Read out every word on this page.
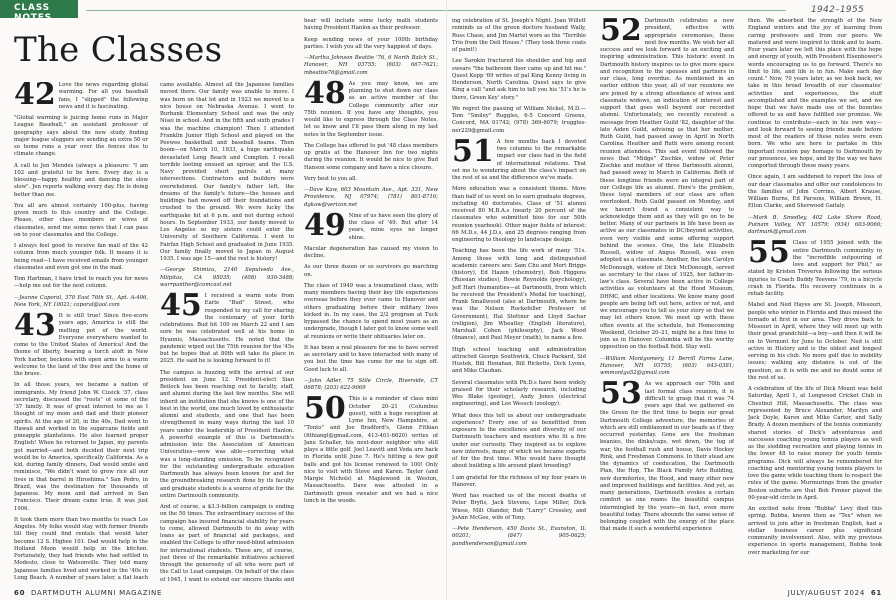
CLASS NOTES
1942–1955
The Classes

42 Love the news regarding global warming. For all you baseball fans, I "slipped" the following news and it is fascinating.

"Global warming is juicing home runs in Major League Baseball," an assistant professor of geography says about the new study finding major league sluggers are sending an extra 50 or so home runs a year over the fences due to climate change.

A call to Jen Mendes (always a pleasure: "I am 102 and grateful to be here. Every day is a blessing—happy healthy and dancing the slow slow". Jen reports walking every day. He is doing better than me.

You all are almost certainly 100-plus, having given much to this country and the College. Please, other class members or wives of classmates, send me some news that I can pass on to your classmates and the College.

I always feel good to receive fan mail of the 42 column from much younger folk. It means it is being read—I have received emails from younger classmates and even got one in the mail.

Tom Hartman, I have tried to reach you for news—help me out for the next column.

—Jeanne Caporal, 370 East 76th St., Apt. A-406, New York, NY 10021; caporal@aol.com

43 It is still true! Since five-score years ago, America is still the melting pot of the world. Everyone everywhere wanted to come to the United States of America! And the theme of liberty, bearing a torch aloft in New York harbor, beckons with open arms to a warm welcome to the land of the free and the home of the brave.

In all those years, we became a nation of immigrants. My friend John W. Cusick '37, class secretary, discussed the "roots" of some of the '37 family. It was of great interest to me as I thought of my mom and dad and their pioneer spirits. At the age of 20, in the 40s, Dad went to Hawaii and worked in the sugarcane fields and pineapple plantations. He also learned proper English! When he returned to Japan, my parents got married—and both decided their next trip would be to America, specifically California. As a kid, during family dinners, Dad would smile and reminisce, "We didn't want to grow rice all our lives in that barrel in Hiroshima." San Pedro, in Brazil, was the destination for thousands of Japanese. My mom and dad arrived in San Francisco. Their dream came true. It was just 1906.

It took them more than two months to reach Los Angeles. My folks would stay with former friends till they could find rentals that would later become 12 S. Higbee 101. Dad would help in the Holland Moon would help in the kitchen. Fortunately, they had friends who had settled in Modesto, close to Watsonville. They told many Japanese families lived and worked in the '40s in Long Beach. A number of years later, a flat leach

came available. Almost all the Japanese families moved there. Our family was unable to move. I was born on that lot and in 1923 we moved to a nice house on Nebraska Avenue. I went to Burbank Elementary School and was the only Nisei in school. And in the fifth and sixth grades I was the machine champion! Then I attended Franklin Junior High School and played on the Peewee basketball and baseball teams. Then boom—on March 10, 1933, a huge earthquake devastated Long Beach and Compton. I recall terrible looting ensued an uproar, and the U.S. Navy provided short patrols at many intersections. Contractors and builders were overwhelmed. Our family's father left, the dreams of the family's future—the houses and buildings had mowed off their foundations and crushed to the ground. We were lucky the earthquake hit at 6 p.m. and not during school hours. In September 1933, our family moved to Los Angeles so my sisters could enter the University of Southern California. I went to Fairfax High School and graduated in June 1935. Our family finally moved to Japan in August 1935. I was age 15—and the rest is history!

—George Shimizu, 2140 Sepulveda Ave., Milpitas, CA 95035; (408) 930-3488; warrpanther@comcast.net

45 I received a warm note from Earle "Bud" Street, who responded to my call for sharing the centenary of your birth celebrations. Bud hit 100 on March 22 and I am sure he was celebrated well at his home in Hyannis, Massachusetts. He noted that the pandemic wiped out the 75th reunion for the '45s but he hopes that at 80th will take its place in 2025. He said he is looking forward to it!

The campus is buzzing with the arrival of our president on June 12. President-elect Sian Beilock has been reaching out to faculty, staff, and alumni during the last few months. She will inherit an institution that she knows is one of the best in the world, one much loved by enthusiastic alumni and students, and one that has been strengthened in many ways during the last 10 years under the leadership of President Hanlon. A powerful example of this is Dartmouth's admission into the Association of American Universities—wow was able—correcting what was a long-standing omission. To be recognized for the outstanding undergraduate education Dartmouth has always been known for and for the groundbreaking research done by its faculty and graduate students is a source of pride for the entire Dartmouth community.

And of course, a $3.3-billion campaign is ending on the 50 times. The extraordinary success of the campaign has insured financial stability for years to come, allowed Dartmouth to do away with loans as part of financial aid packages, and enabled the College to offer need-blind admission for international students. These are, of course, just three of the remarkable initiatives achieved through the generosity of all who were part of the Call to Lead campaign. On behalf of the class of 1945, I want to extend our sincere thanks and

hear will include some lucky math students having President Hanlon as their professor.

Keep sending news of your 100th birthday parties. I wish you all the very happiest of days.

—Martha Johnson Beattie '76, 6 North Balch St., Hanover, NH 03755; (603) 667-7621; mbeattie76@gmail.com

48 As you may know, we are planning to shut down our class as an active member of the College community after our 75th reunion. If you have any thoughts, you would like to express through the Class Notes, let us know and I'll pass them along in my last notes in the September issue.

The College has offered to put '48 class members up gratis at the Hanover Inn for two nights during the reunion. It would be nice to give Bud Hanson some company and have a nice closure.

Very best to you all.

—Dave Kaw, 603 Mountain Ave., Apt. 331, New Providence, NJ 07974; (781) 801-8716; dgkaw@verizon.net

49 Nine of us have seen the glory of the class of '49. But after 14 years, mine eyes no longer shine.

Macular degeneration has caused my vision to decline.

As our three dozen or so survivors go marching on.

The class of 1949 was a traumatized class, with many members having their key life experiences overseas before they ever came to Hanover and others graduating before their military lives kicked in. In my case, the 2/2 program at Tuck bypassed the chance to spend most years as an undergrade, though I later got to know some well at reunions or write their obituaries later on.

It has been a real pleasure for me to have served as secretary and to have interacted with many of you but the time has come for me to sign off. Good luck to all.

—John Adler, 75 Stile Circle, Riverside, CT 06878; (203) 622-9069

50 This is a reminder of class mini October 20–21 (Columbus guest), with a huge reception at Lyme Inn, New Hampshire, at "Tonto" and Joe Bradford's, Glenn Fithian (fithiangl@gmail.com, 413-401-6620) writes of Jane Schaller, his next-door neighbor who still plays a little golf. Joel Leavitt and Veda are back in Florida until June 7. He's hitting a few golf balls and got his license renewed to 100! Only nice to visit with Steve and Karen. Taylor (and Margie Nichols) at Maplewood in Weston, Massachusetts. Dave was attested in a Dartmouth green sweater and we had a nice lunch in the woods.

ing celebration of St. Joseph's Night. Joan Willett reminds us of the green doctors husband Wally, Russ Chase, and Jim Martel wore as the "Terrible Trio from the Deli House." (They took three coats of paint!)

Lee Sarokin fractured his shoulder and hip and swears "the bathroom floor came up and hit me." Quest Kopp '69 writes of pal King Kenny living in Henderson, North Carolina. Quest says to give King a call "and ask him to tell you his '51's he is there, Green Key' story."

We regret the passing of William Nickel, M.D.—Tom "Smiley" Ruggles, 6-5 Concord Greens, Concord, MA 01742; (978) 369-6079; truggles-ner229@gmail.com

51 A few months back I devoted two columns to the remarkable impact our class had in the field of international relations. That set me to wondering about the class's impact on the rest of us and the difference we've made.

More education was a consistent theme. More than half of us went on to earn graduate degrees, including 40 doctorates. Class of '51 alumni received 80 M.B.A.s (nearly 20 percent of the classmates who submitted bios for our 50th reunion yearbook). Other major fields of interest: 66 M.D.s, 44 J.D.s, and 25 degrees ranging from engineering to theology to landscape design.

Teaching has been the life work of many '51s. Among those with long and distinguished academic careers are: Sam Chu and Mort Briggs (history), Ed Hazen (chemistry), Bob Higgens (Russian studies), Bowie Reynolds (psychology), Jeff Hart (humanities—at Dartmouth, from which he received the President's Medal for teaching), Frank Smallwood (also at Dartmouth, where he was the Nelson Rockefeller Professor of Government), Hal Stettner and Lloyd Sachar (religion), Jim Wheatley (English literature), Marshall Cohen (philosophy), Jack Wood (finance), and Paul Meyer (math), to name a few.

High school teaching and administration attracted George Southwick, Chuck Packard, Sid Hustek, Bill Henahan, Bill Ricketts, Dick Lyons, and Mike Clauhan.

Several classmates with Ph.D.s have been widely praised for their scholarly research, including Wes Blake (geology), Andy Jones (electrical engineering), and Lee Wessch (zoology).

What does this tell us about our undergraduate experience? Every one of us benefitted from exposure to the excellence and diversity of our Dartmouth teachers and mentors who lit a fire under our curiosity. They inspired us to explore new interests, many of which we became experts of for the first time. Who would have thought about building a life around plant breeding?

I am grateful for the richness of my four years in Hanover.

Word has reached us of the recent deaths of Peter Bryfis, Jack Stevens, Lope Miller, Dick Wiese, Milt Olander, Bob "Larry" Crossley, and JoAnn McGee, wife of Tony.

—Pete Henderson, 450 Davis St., Evanston, IL 60201; (847) 905-0625; pandhenderson@gmail.com

52 Dartmouth celebrates a new president, effective with appropriate ceremonies, these next few months. We wish her all success and we look forward to an exciting and inspiring administration. This historic event in Dartmouth history inspires us to give more space and recognition to the spouses and partners in our class, long overdue. As mentioned in an earlier edition this year, all of our reunions we are joined by a strong attendance of wives and classmate widows, an indication of interest and support that goes well beyond our recorded alumni. Unfortunately, we recently received a message from Heather Guild '82, daughter of the late Aiden Guild, advising us that her mother, Ruth Guild, had passed away in April in North Carolina. Heather and Ruth were among recent reunion attendees. This sad event followed the news that "Midge" Zischke, widow of Peter Zischke and mother of three Dartmouth alumni, had passed away in March in California. Both of these longtime friends were an integral part of our College life as alumni. Here's the problem, these loyal members of our class are often overlooked. Roth Guild passed on Monday, and we haven't found a consistent way to acknowledge them and as they will go on to be better. Many of our partners in life have been as active as our classmates in DC/beyond activities, even very visible and some offering support behind the scenes. One, the late Elizabeth Russell, widow of Angus Russell, was even adopted as a classmate. Another, the late Carolyn McDonough, widow of Dick McDonough, served as secretary to the class of 1925, her father-in-law's class. Several have been active in College activities as volunteers at the Hood Museum, DHMC, and other locations. We know many good people are being left out here, active or not, and we encourage you to tell us your story so that we may let others know. We meet up with these often events at the schedule, but Homecoming Weekend, October 20–21, might be a fine time to join us in Hanover. Columbia will be the worthy opposition on the football field. Stay well.

—William Montgomery, 11 Berrill Farms Lane, Hanover, NH 03755; (603) 643-0381; wmmontgo52@gmail.com

53 As we approach our 70th and last formal class reunion, it is difficult to grasp that it was 74 years ago that we gathered on the Green for the first time to begin our great Dartmouth College adventure, the memories of which are still emblazoned in our heads as if they occurred yesterday. Gone are the freshman beanies, the dinks/caps, wet down, the tug of war, the football rush and house, Davis Hockey Rink, and Freshman Commons. In their stead are the dynamics of coeducation, the Dartmouth Plan, the Hop, The Black Family Arts Building, new dormitories, the Hood, and many other new and improved buildings and facilities. And yet, as many generations, Dartmouth evokes a certain comfort as one roams the beautiful campus intermingled by the years—in fact, even more beautiful today. There abounds the same sense of belonging coupled with the energy of the place that made it such a wonderful experience

then. We absorbed the strength of the New England winters and the joy of learning from caring professors and from our peers. We matured and were inspired to think and to learn. Four years later we left this place with the hope and energy of youth, with President Eisenhower's words encouraging us to go forward. There's no limit to life, and life is in fun. Make each day count." Now, 70 years later, as we look back, we take in this broad breadth of our classmates' activities and experiences, the stuff accomplished and the examples we set, and we hope that we have made use of the bounties offered to us and have fulfilled our promise. We continue to contribute—each in his own way—and look forward to seeing friends made before most of the readers of these notes were even born. We who are here to partake in this important reunion pay homage to Dartmouth by our presences, we hope, and by the way we have comported through these many years.

Once again, I am saddened to report the loss of our dear classmates and offer our condolences to the families of John Corrino, Albert Krause, William Burns, Ed Parsons, William Brown, H. Elton Clarke, and Sherwood Gaitaly.

—Mark B. Smedley, 402 Lake Shore Road, Putnam Valley, NY 10579; (934) 603-9066; dartmark@gmail.com

55 Class of 1955 joined with the entire Dartmouth community in the "incredible outpouring of love and support for Phil," as stated by Kristen Treverva following the serious injuries to Coach Buddy Teevens '79, in a bicycle crash in Florida. His recovery continues in a rehab facility.

Mabel and Ned Hayes are St. Joseph, Missouri, people who winter in Florida and thus missed the tornado at first in our area. They drove back to Missouri in April, where they will meet up with their great grandchild—a boy—and then it will be on to Vermont for June to October. Ned is still active in History and is the oldest and longest serving in his club. No more golf due to mobility issues; walking any distance is out of the question, as it is with me and no doubt some of the rest of us.

A celebration of the life of Dick Mount was held Saturday, April 1, at Longwood Cricket Club in Chestnut Hill, Massachusetts. The class was represented by Bruce Alexander, Marilyn and Jack Doyle, Karen and Mike Carter, and Sally Brady. A dozen members of the tennis community shared stories of Dick's adventurous and successes coaching young tennis players as well as the sledding recreation and playing tennis in the lower 48 to raise money for youth tennis programs. Dick will always be remembered for coaching and mentoring young tennis players to love the game while teaching them to respect the rules of the game. Murmurings from the greater Boston suburbs are that Bob Fenner played the 90-year-old circle in April.

An excited note from "Bubba" Levy died this spring. Bubba, known then as "Tex" when we arrived to join after in freshman English, had a stellar business career plus significant community involvement. Also, with my previous experience in sports management, Bubba took over marketing for our

60 DARTMOUTH ALUMNI MAGAZINE	JULY/AUGUST 2024 61
